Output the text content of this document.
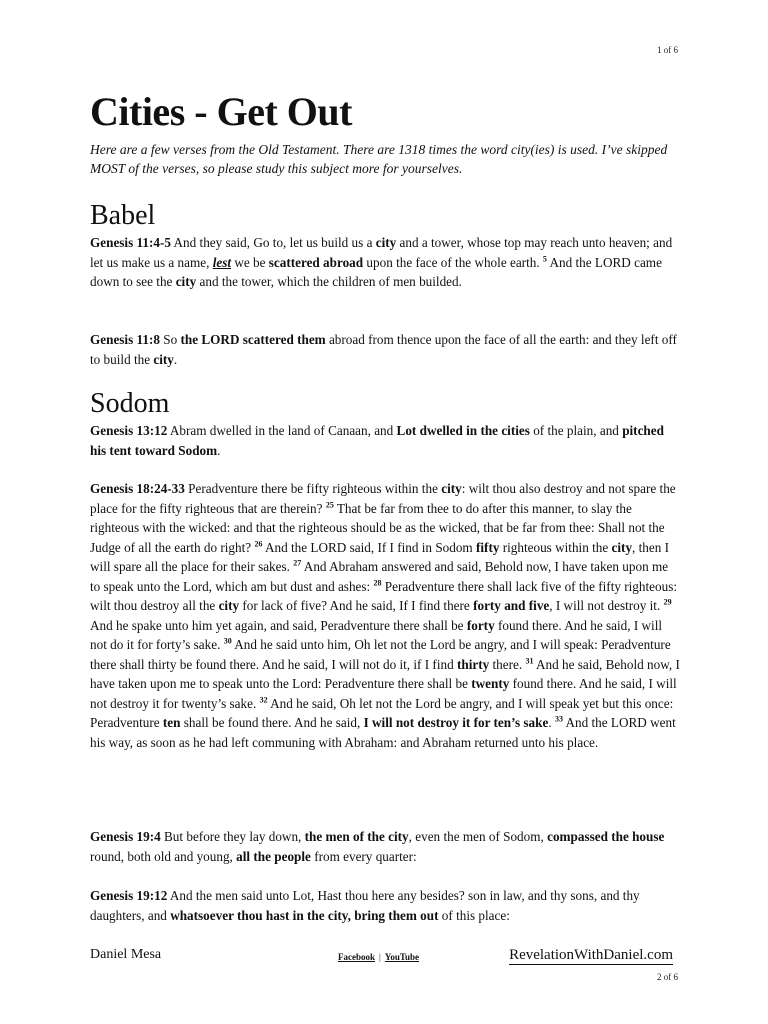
1 of 6
Cities - Get Out

Here are a few verses from the Old Testament. There are 1318 times the word city(ies) is used. I’ve skipped MOST of the verses, so please study this subject more for yourselves.

Babel

Genesis 11:4-5 And they said, Go to, let us build us a city and a tower, whose top may reach unto heaven; and let us make us a name, lest we be scattered abroad upon the face of the whole earth. $^5$ And the LORD came down to see the city and the tower, which the children of men builded.

Genesis 11:8 So the LORD scattered them abroad from thence upon the face of all the earth: and they left off to build the city.

Sodom

Genesis 13:12 Abram dwelled in the land of Canaan, and Lot dwelled in the cities of the plain, and pitched his tent toward Sodom.

Genesis 18:24-33 Peradventure there be fifty righteous within the city: wilt thou also destroy and not spare the place for the fifty righteous that are therein? $^{25}$ That be far from thee to do after this manner, to slay the righteous with the wicked: and that the righteous should be as the wicked, that be far from thee: Shall not the Judge of all the earth do right? $^{26}$ And the LORD said, If I find in Sodom fifty righteous within the city, then I will spare all the place for their sakes. $^{27}$ And Abraham answered and said, Behold now, I have taken upon me to speak unto the Lord, which am but dust and ashes: $^{28}$ Peradventure there shall lack five of the fifty righteous: wilt thou destroy all the city for lack of five? And he said, If I find there forty and five, I will not destroy it. $^{29}$ And he spake unto him yet again, and said, Peradventure there shall be forty found there. And he said, I will not do it for forty’s sake. $^{30}$ And he said unto him, Oh let not the Lord be angry, and I will speak: Peradventure there shall thirty be found there. And he said, I will not do it, if I find thirty there. $^{31}$ And he said, Behold now, I have taken upon me to speak unto the Lord: Peradventure there shall be twenty found there. And he said, I will not destroy it for twenty’s sake. $^{32}$ And he said, Oh let not the Lord be angry, and I will speak yet but this once: Peradventure ten shall be found there. And he said, I will not destroy it for ten’s sake. $^{33}$ And the LORD went his way, as soon as he had left communing with Abraham: and Abraham returned unto his place.

Genesis 19:4 But before they lay down, the men of the city, even the men of Sodom, compassed the house round, both old and young, all the people from every quarter:

Genesis 19:12 And the men said unto Lot, Hast thou here any besides? son in law, and thy sons, and thy daughters, and whatsoever thou hast in the city, bring them out of this place:

Daniel Mesa	Facebook | YouTube	RevelationWithDaniel.com
2 of 6
